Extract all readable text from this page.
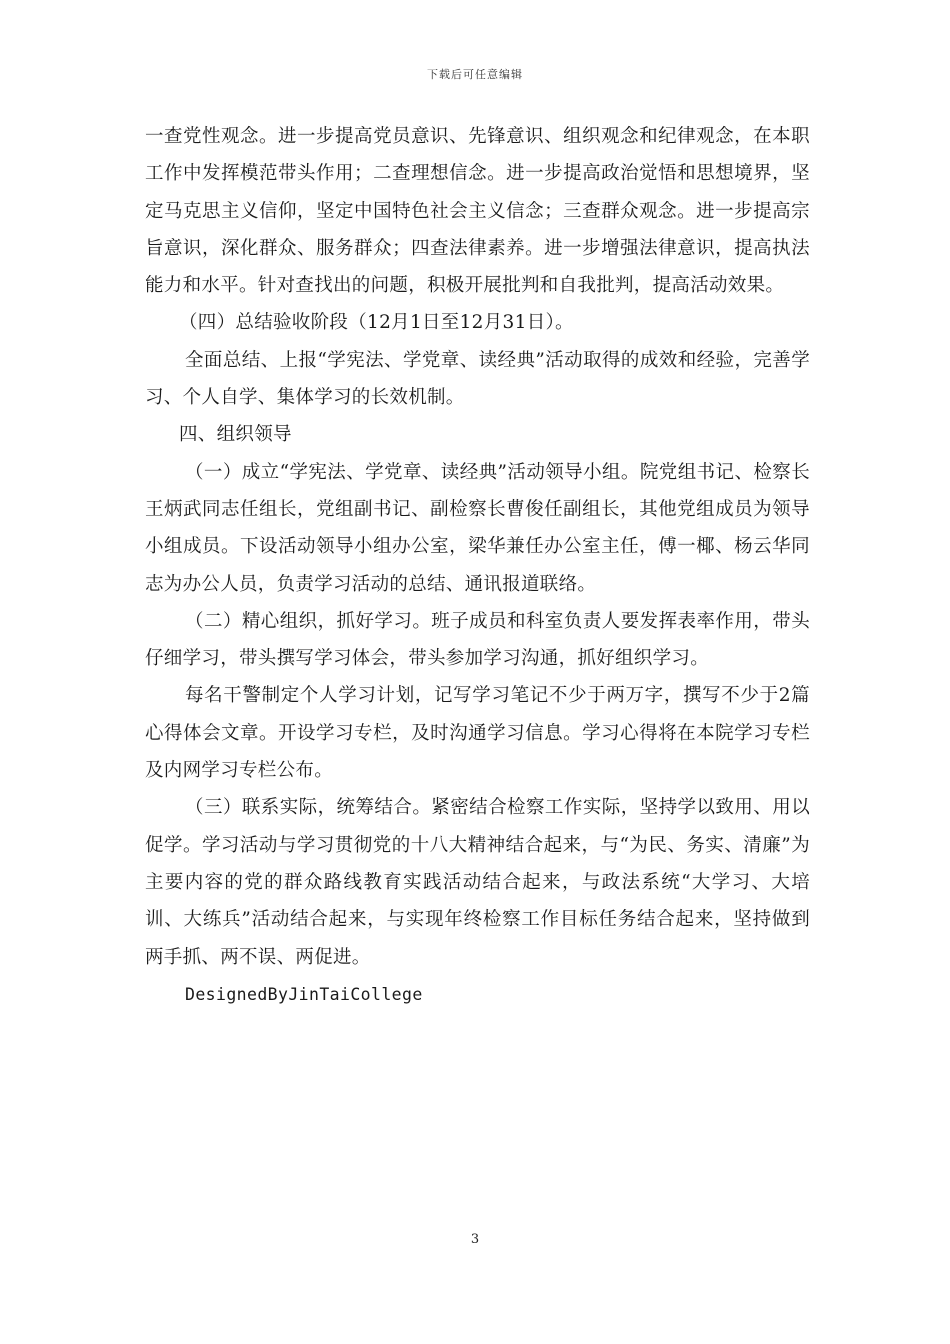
下载后可任意编辑

一查党性观念。进一步提高党员意识、先锋意识、组织观念和纪律观念，在本职工作中发挥模范带头作用；二查理想信念。进一步提高政治觉悟和思想境界，坚定马克思主义信仰，坚定中国特色社会主义信念；三查群众观念。进一步提高宗旨意识，深化群众、服务群众；四查法律素养。进一步增强法律意识，提高执法能力和水平。针对查找出的问题，积极开展批判和自我批判，提高活动效果。

（四）总结验收阶段（12月1日至12月31日）。

全面总结、上报“学宪法、学党章、读经典”活动取得的成效和经验，完善学习、个人自学、集体学习的长效机制。

四、组织领导

（一）成立“学宪法、学党章、读经典”活动领导小组。院党组书记、检察长王炳武同志任组长，党组副书记、副检察长曹俊任副组长，其他党组成员为领导小组成员。下设活动领导小组办公室，梁华兼任办公室主任，傅一椰、杨云华同志为办公人员，负责学习活动的总结、通讯报道联络。

（二）精心组织，抓好学习。班子成员和科室负责人要发挥表率作用，带头仔细学习，带头撰写学习体会，带头参加学习沟通，抓好组织学习。

每名干警制定个人学习计划，记写学习笔记不少于两万字，撰写不少于2篇心得体会文章。开设学习专栏，及时沟通学习信息。学习心得将在本院学习专栏及内网学习专栏公布。

（三）联系实际，统筹结合。紧密结合检察工作实际，坚持学以致用、用以促学。学习活动与学习贯彻党的十八大精神结合起来，与“为民、务实、清廉”为主要内容的党的群众路线教育实践活动结合起来，与政法系统“大学习、大培训、大练兵”活动结合起来，与实现年终检察工作目标任务结合起来，坚持做到两手抓、两不误、两促进。

DesignedByJinTaiCollege

3
